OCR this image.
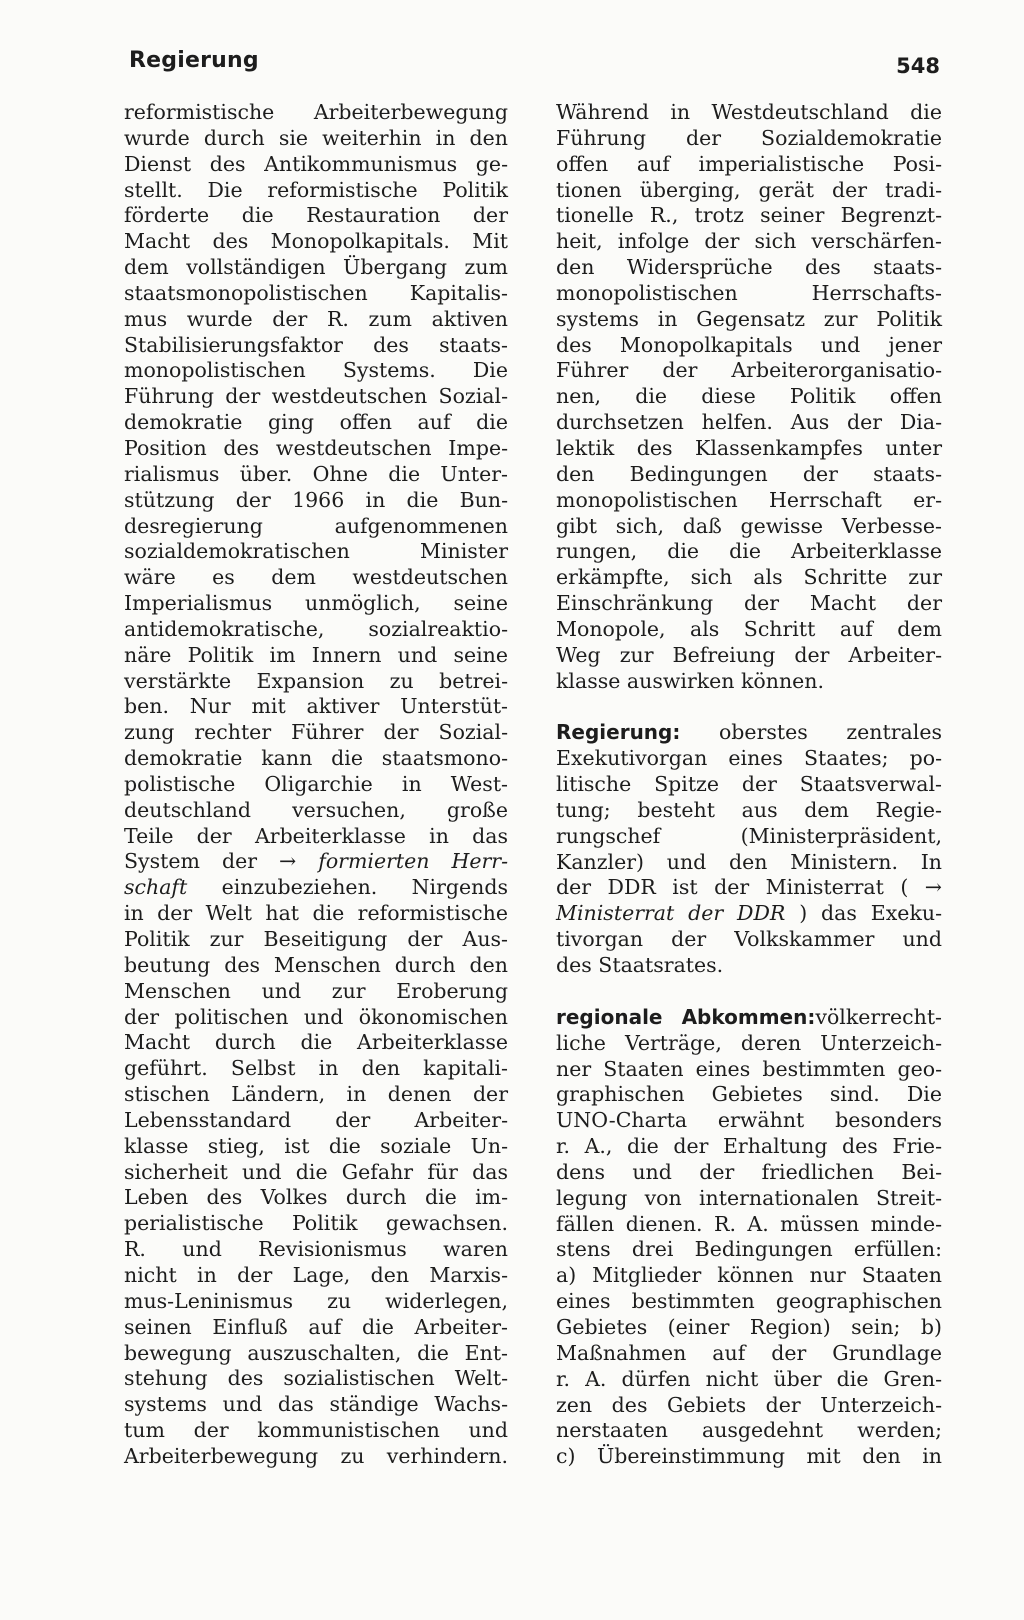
Regierung	548
reformistische Arbeiterbewegung
wurde durch sie weiterhin in den
Dienst des Antikommunismus ge-
stellt. Die reformistische Politik
förderte die Restauration der
Macht des Monopolkapitals. Mit
dem vollständigen Übergang zum
staatsmonopolistischen Kapitalis-
mus wurde der R. zum aktiven
Stabilisierungsfaktor des staats-
monopolistischen Systems. Die
Führung der westdeutschen Sozial-
demokratie ging offen auf die
Position des westdeutschen Impe-
rialismus über. Ohne die Unter-
stützung der 1966 in die Bun-
desregierung aufgenommenen
sozialdemokratischen Minister
wäre es dem westdeutschen
Imperialismus unmöglich, seine
antidemokratische, sozialreaktio-
näre Politik im Innern und seine
verstärkte Expansion zu betrei-
ben. Nur mit aktiver Unterstüt-
zung rechter Führer der Sozial-
demokratie kann die staatsmono-
polistische Oligarchie in West-
deutschland versuchen, große
Teile der Arbeiterklasse in das
System der → formierten Herr-
schaft einzubeziehen. Nirgends
in der Welt hat die reformistische
Politik zur Beseitigung der Aus-
beutung des Menschen durch den
Menschen und zur Eroberung
der politischen und ökonomischen
Macht durch die Arbeiterklasse
geführt. Selbst in den kapitali-
stischen Ländern, in denen der
Lebensstandard der Arbeiter-
klasse stieg, ist die soziale Un-
sicherheit und die Gefahr für das
Leben des Volkes durch die im-
perialistische Politik gewachsen.
R. und Revisionismus waren
nicht in der Lage, den Marxis-
mus-Leninismus zu widerlegen,
seinen Einfluß auf die Arbeiter-
bewegung auszuschalten, die Ent-
stehung des sozialistischen Welt-
systems und das ständige Wachs-
tum der kommunistischen und
Arbeiterbewegung zu verhindern.
Während in Westdeutschland die
Führung der Sozialdemokratie
offen auf imperialistische Posi-
tionen überging, gerät der tradi-
tionelle R., trotz seiner Begrenzt-
heit, infolge der sich verschärfen-
den Widersprüche des staats-
monopolistischen Herrschafts-
systems in Gegensatz zur Politik
des Monopolkapitals und jener
Führer der Arbeiterorganisatio-
nen, die diese Politik offen
durchsetzen helfen. Aus der Dia-
lektik des Klassenkampfes unter
den Bedingungen der staats-
monopolistischen Herrschaft er-
gibt sich, daß gewisse Verbesse-
rungen, die die Arbeiterklasse
erkämpfte, sich als Schritte zur
Einschränkung der Macht der
Monopole, als Schritt auf dem
Weg zur Befreiung der Arbeiter-
klasse auswirken können.
Regierung: oberstes zentrales
Exekutivorgan eines Staates; po-
litische Spitze der Staatsverwal-
tung; besteht aus dem Regie-
rungschef (Ministerpräsident,
Kanzler) und den Ministern. In
der DDR ist der Ministerrat ( →
Ministerrat der DDR ) das Exeku-
tivorgan der Volkskammer und
des Staatsrates.
regionale Abkommen:völkerrecht-
liche Verträge, deren Unterzeich-
ner Staaten eines bestimmten geo-
graphischen Gebietes sind. Die
UNO-Charta erwähnt besonders
r. A., die der Erhaltung des Frie-
dens und der friedlichen Bei-
legung von internationalen Streit-
fällen dienen. R. A. müssen minde-
stens drei Bedingungen erfüllen:
a) Mitglieder können nur Staaten
eines bestimmten geographischen
Gebietes (einer Region) sein; b)
Maßnahmen auf der Grundlage
r. A. dürfen nicht über die Gren-
zen des Gebiets der Unterzeich-
nerstaaten ausgedehnt werden;
c) Übereinstimmung mit den in
